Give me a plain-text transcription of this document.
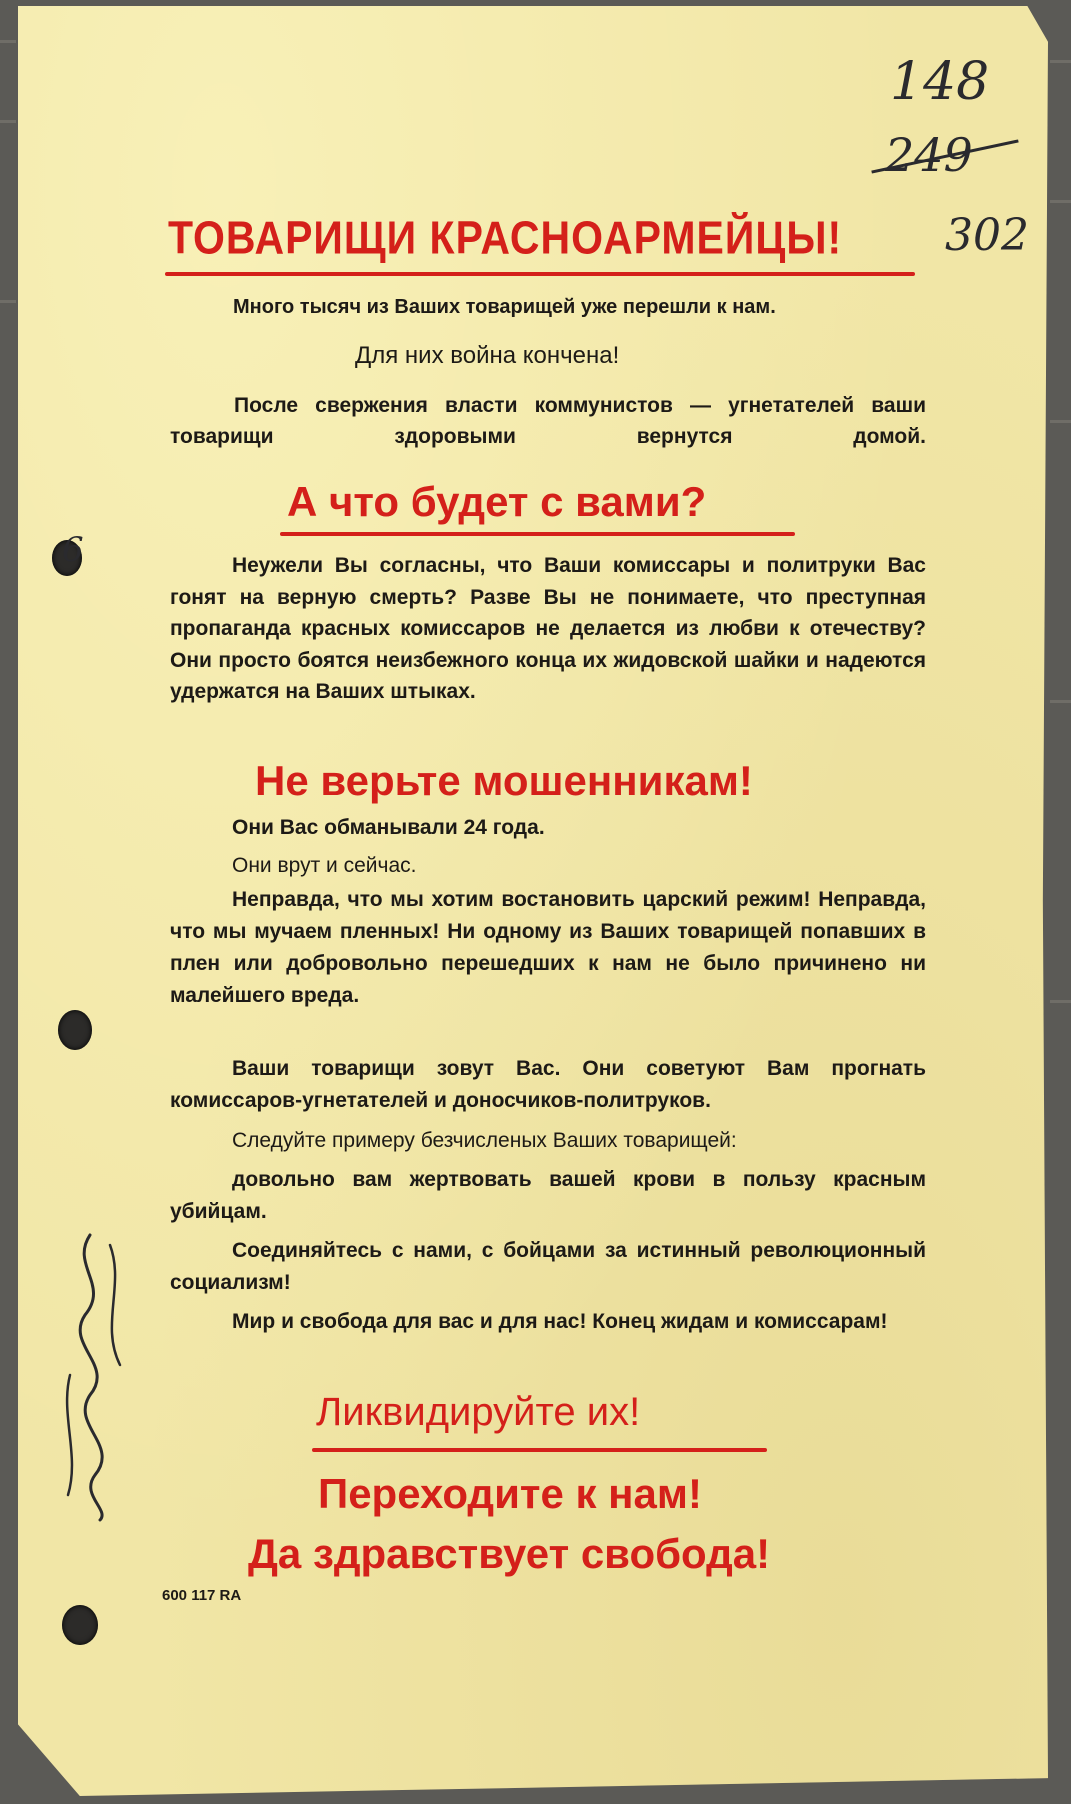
148
249
302
6
ТОВАРИЩИ КРАСНОАРМЕЙЦЫ!
Много тысяч из Ваших товарищей уже перешли к нам.
Для них война кончена!
После свержения власти коммунистов — угнетателей ваши товарищи здоровыми вернутся домой.
А что будет с вами?
Неужели Вы согласны, что Ваши комиссары и политруки Вас гонят на верную смерть? Разве Вы не понимаете, что преступная пропаганда красных комиссаров не делается из любви к отечеству? Они просто боятся неизбежного конца их жидовской шайки и надеются удержатся на Ваших штыках.
Не верьте мошенникам!
Они Вас обманывали 24 года.
Они врут и сейчас.
Неправда, что мы хотим востановить царский режим! Неправда, что мы мучаем пленных! Ни одному из Ваших товарищей попавших в плен или добровольно перешедших к нам не было причинено ни малейшего вреда.
Ваши товарищи зовут Вас. Они советуют Вам прогнать комиссаров-угнетателей и доносчиков-политруков.
Следуйте примеру безчисленых Ваших товарищей:
довольно вам жертвовать вашей крови в пользу красным убийцам.
Соединяйтесь с нами, с бойцами за истинный революционный социализм!
Мир и свобода для вас и для нас! Конец жидам и комиссарам!
Ликвидируйте их!
Переходите к нам!
Да здравствует свобода!
600 117 RA
